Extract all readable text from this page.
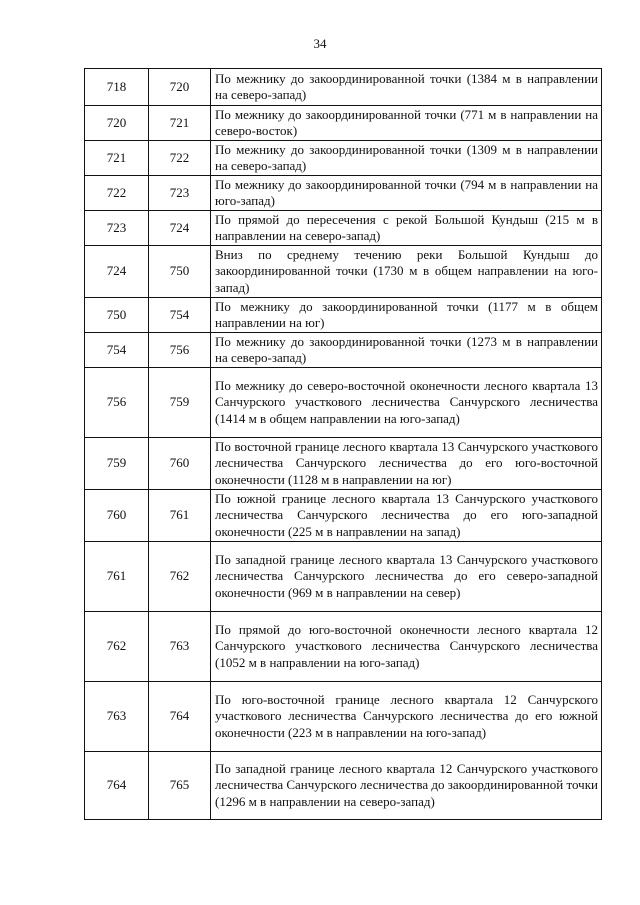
34
718	720	По межнику до закоординированной точки (1384 м в направлении на северо-запад)
720	721	По межнику до закоординированной точки (771 м в направлении на северо-восток)
721	722	По межнику до закоординированной точки (1309 м в направлении на северо-запад)
722	723	По межнику до закоординированной точки (794 м в направлении на юго-запад)
723	724	По прямой до пересечения с рекой Большой Кундыш (215 м в направлении на северо-запад)
724	750	Вниз по среднему течению реки Большой Кундыш до закоординированной точки (1730 м в общем направлении на юго-запад)
750	754	По межнику до закоординированной точки (1177 м в общем направлении на юг)
754	756	По межнику до закоординированной точки (1273 м в направлении на северо-запад)
756	759	По межнику до северо-восточной оконечности лесного квартала 13 Санчурского участкового лесничества Санчурского лесничества (1414 м в общем направлении на юго-запад)
759	760	По восточной границе лесного квартала 13 Санчурского участкового лесничества Санчурского лесничества до его юго-восточной оконечности (1128 м в направлении на юг)
760	761	По южной границе лесного квартала 13 Санчурского участкового лесничества Санчурского лесничества до его юго-западной оконечности (225 м в направлении на запад)
761	762	По западной границе лесного квартала 13 Санчурского участкового лесничества Санчурского лесничества до его северо-западной оконечности (969 м в направлении на север)
762	763	По прямой до юго-восточной оконечности лесного квартала 12 Санчурского участкового лесничества Санчурского лесничества (1052 м в направлении на юго-запад)
763	764	По юго-восточной границе лесного квартала 12 Санчурского участкового лесничества Санчурского лесничества до его южной оконечности (223 м в направлении на юго-запад)
764	765	По западной границе лесного квартала 12 Санчурского участкового лесничества Санчурского лесничества до закоординированной точки (1296 м в направлении на северо-запад)
